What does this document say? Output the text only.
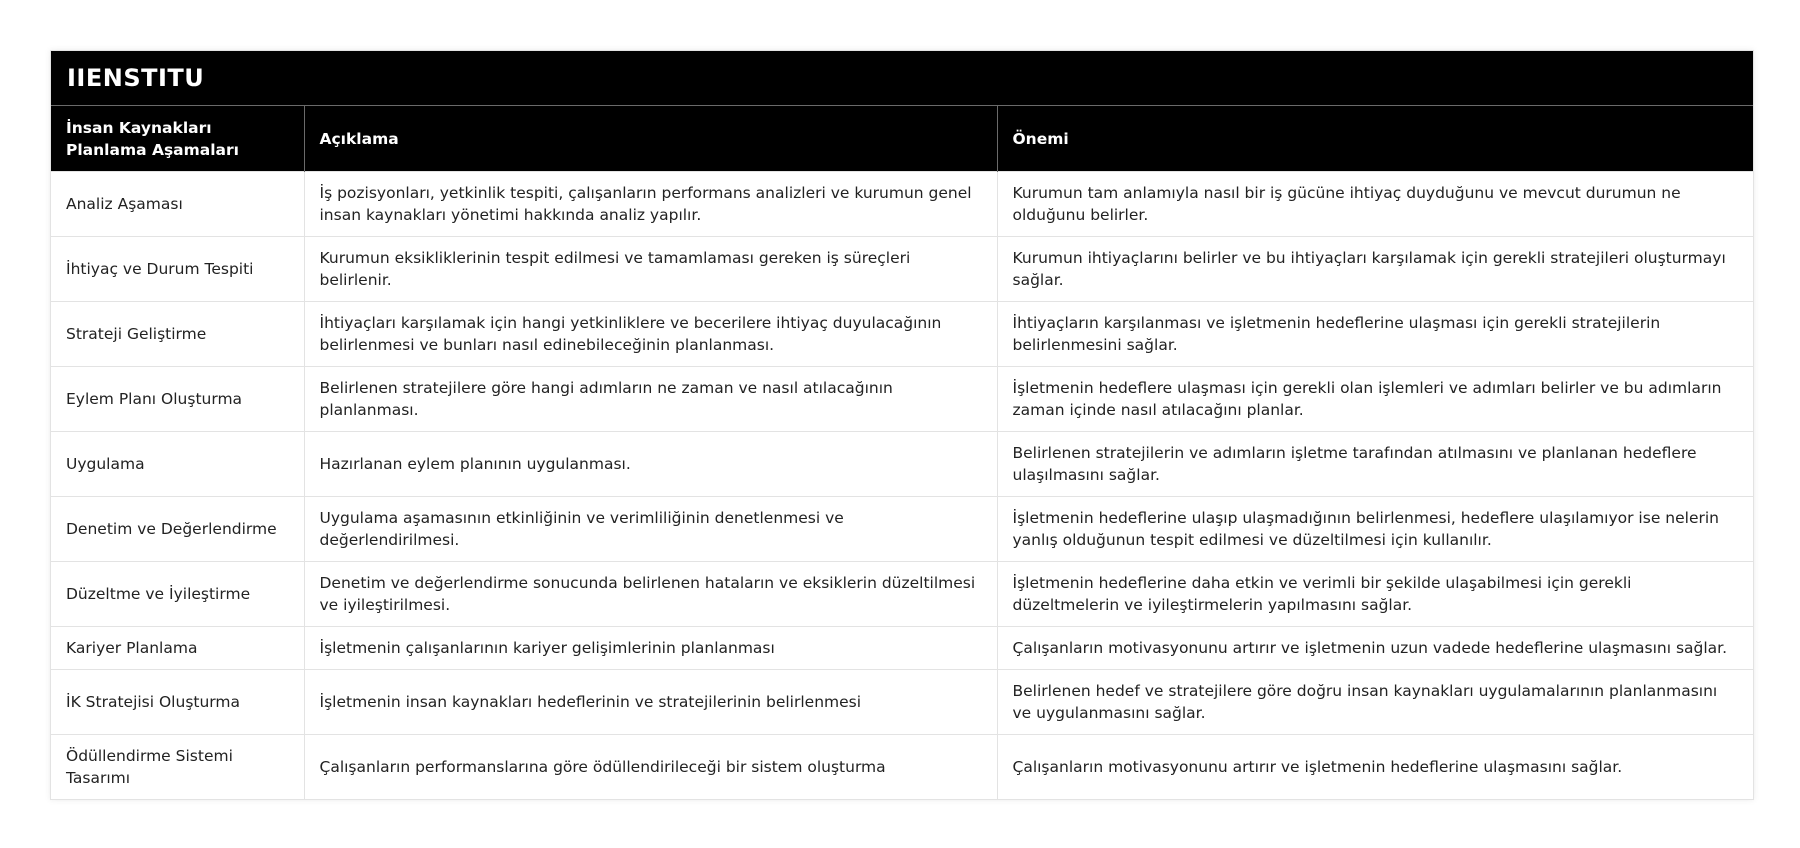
IIENSTITU
İnsan Kaynakları Planlama Aşamaları	Açıklama	Önemi
Analiz Aşaması	İş pozisyonları, yetkinlik tespiti, çalışanların performans analizleri ve kurumun genel insan kaynakları yönetimi hakkında analiz yapılır.	Kurumun tam anlamıyla nasıl bir iş gücüne ihtiyaç duyduğunu ve mevcut durumun ne olduğunu belirler.
İhtiyaç ve Durum Tespiti	Kurumun eksikliklerinin tespit edilmesi ve tamamlaması gereken iş süreçleri belirlenir.	Kurumun ihtiyaçlarını belirler ve bu ihtiyaçları karşılamak için gerekli stratejileri oluşturmayı sağlar.
Strateji Geliştirme	İhtiyaçları karşılamak için hangi yetkinliklere ve becerilere ihtiyaç duyulacağının belirlenmesi ve bunları nasıl edinebileceğinin planlanması.	İhtiyaçların karşılanması ve işletmenin hedeflerine ulaşması için gerekli stratejilerin belirlenmesini sağlar.
Eylem Planı Oluşturma	Belirlenen stratejilere göre hangi adımların ne zaman ve nasıl atılacağının planlanması.	İşletmenin hedeflere ulaşması için gerekli olan işlemleri ve adımları belirler ve bu adımların zaman içinde nasıl atılacağını planlar.
Uygulama	Hazırlanan eylem planının uygulanması.	Belirlenen stratejilerin ve adımların işletme tarafından atılmasını ve planlanan hedeflere ulaşılmasını sağlar.
Denetim ve Değerlendirme	Uygulama aşamasının etkinliğinin ve verimliliğinin denetlenmesi ve değerlendirilmesi.	İşletmenin hedeflerine ulaşıp ulaşmadığının belirlenmesi, hedeflere ulaşılamıyor ise nelerin yanlış olduğunun tespit edilmesi ve düzeltilmesi için kullanılır.
Düzeltme ve İyileştirme	Denetim ve değerlendirme sonucunda belirlenen hataların ve eksiklerin düzeltilmesi ve iyileştirilmesi.	İşletmenin hedeflerine daha etkin ve verimli bir şekilde ulaşabilmesi için gerekli düzeltmelerin ve iyileştirmelerin yapılmasını sağlar.
Kariyer Planlama	İşletmenin çalışanlarının kariyer gelişimlerinin planlanması	Çalışanların motivasyonunu artırır ve işletmenin uzun vadede hedeflerine ulaşmasını sağlar.
İK Stratejisi Oluşturma	İşletmenin insan kaynakları hedeflerinin ve stratejilerinin belirlenmesi	Belirlenen hedef ve stratejilere göre doğru insan kaynakları uygulamalarının planlanmasını ve uygulanmasını sağlar.
Ödüllendirme Sistemi Tasarımı	Çalışanların performanslarına göre ödüllendirileceği bir sistem oluşturma	Çalışanların motivasyonunu artırır ve işletmenin hedeflerine ulaşmasını sağlar.
